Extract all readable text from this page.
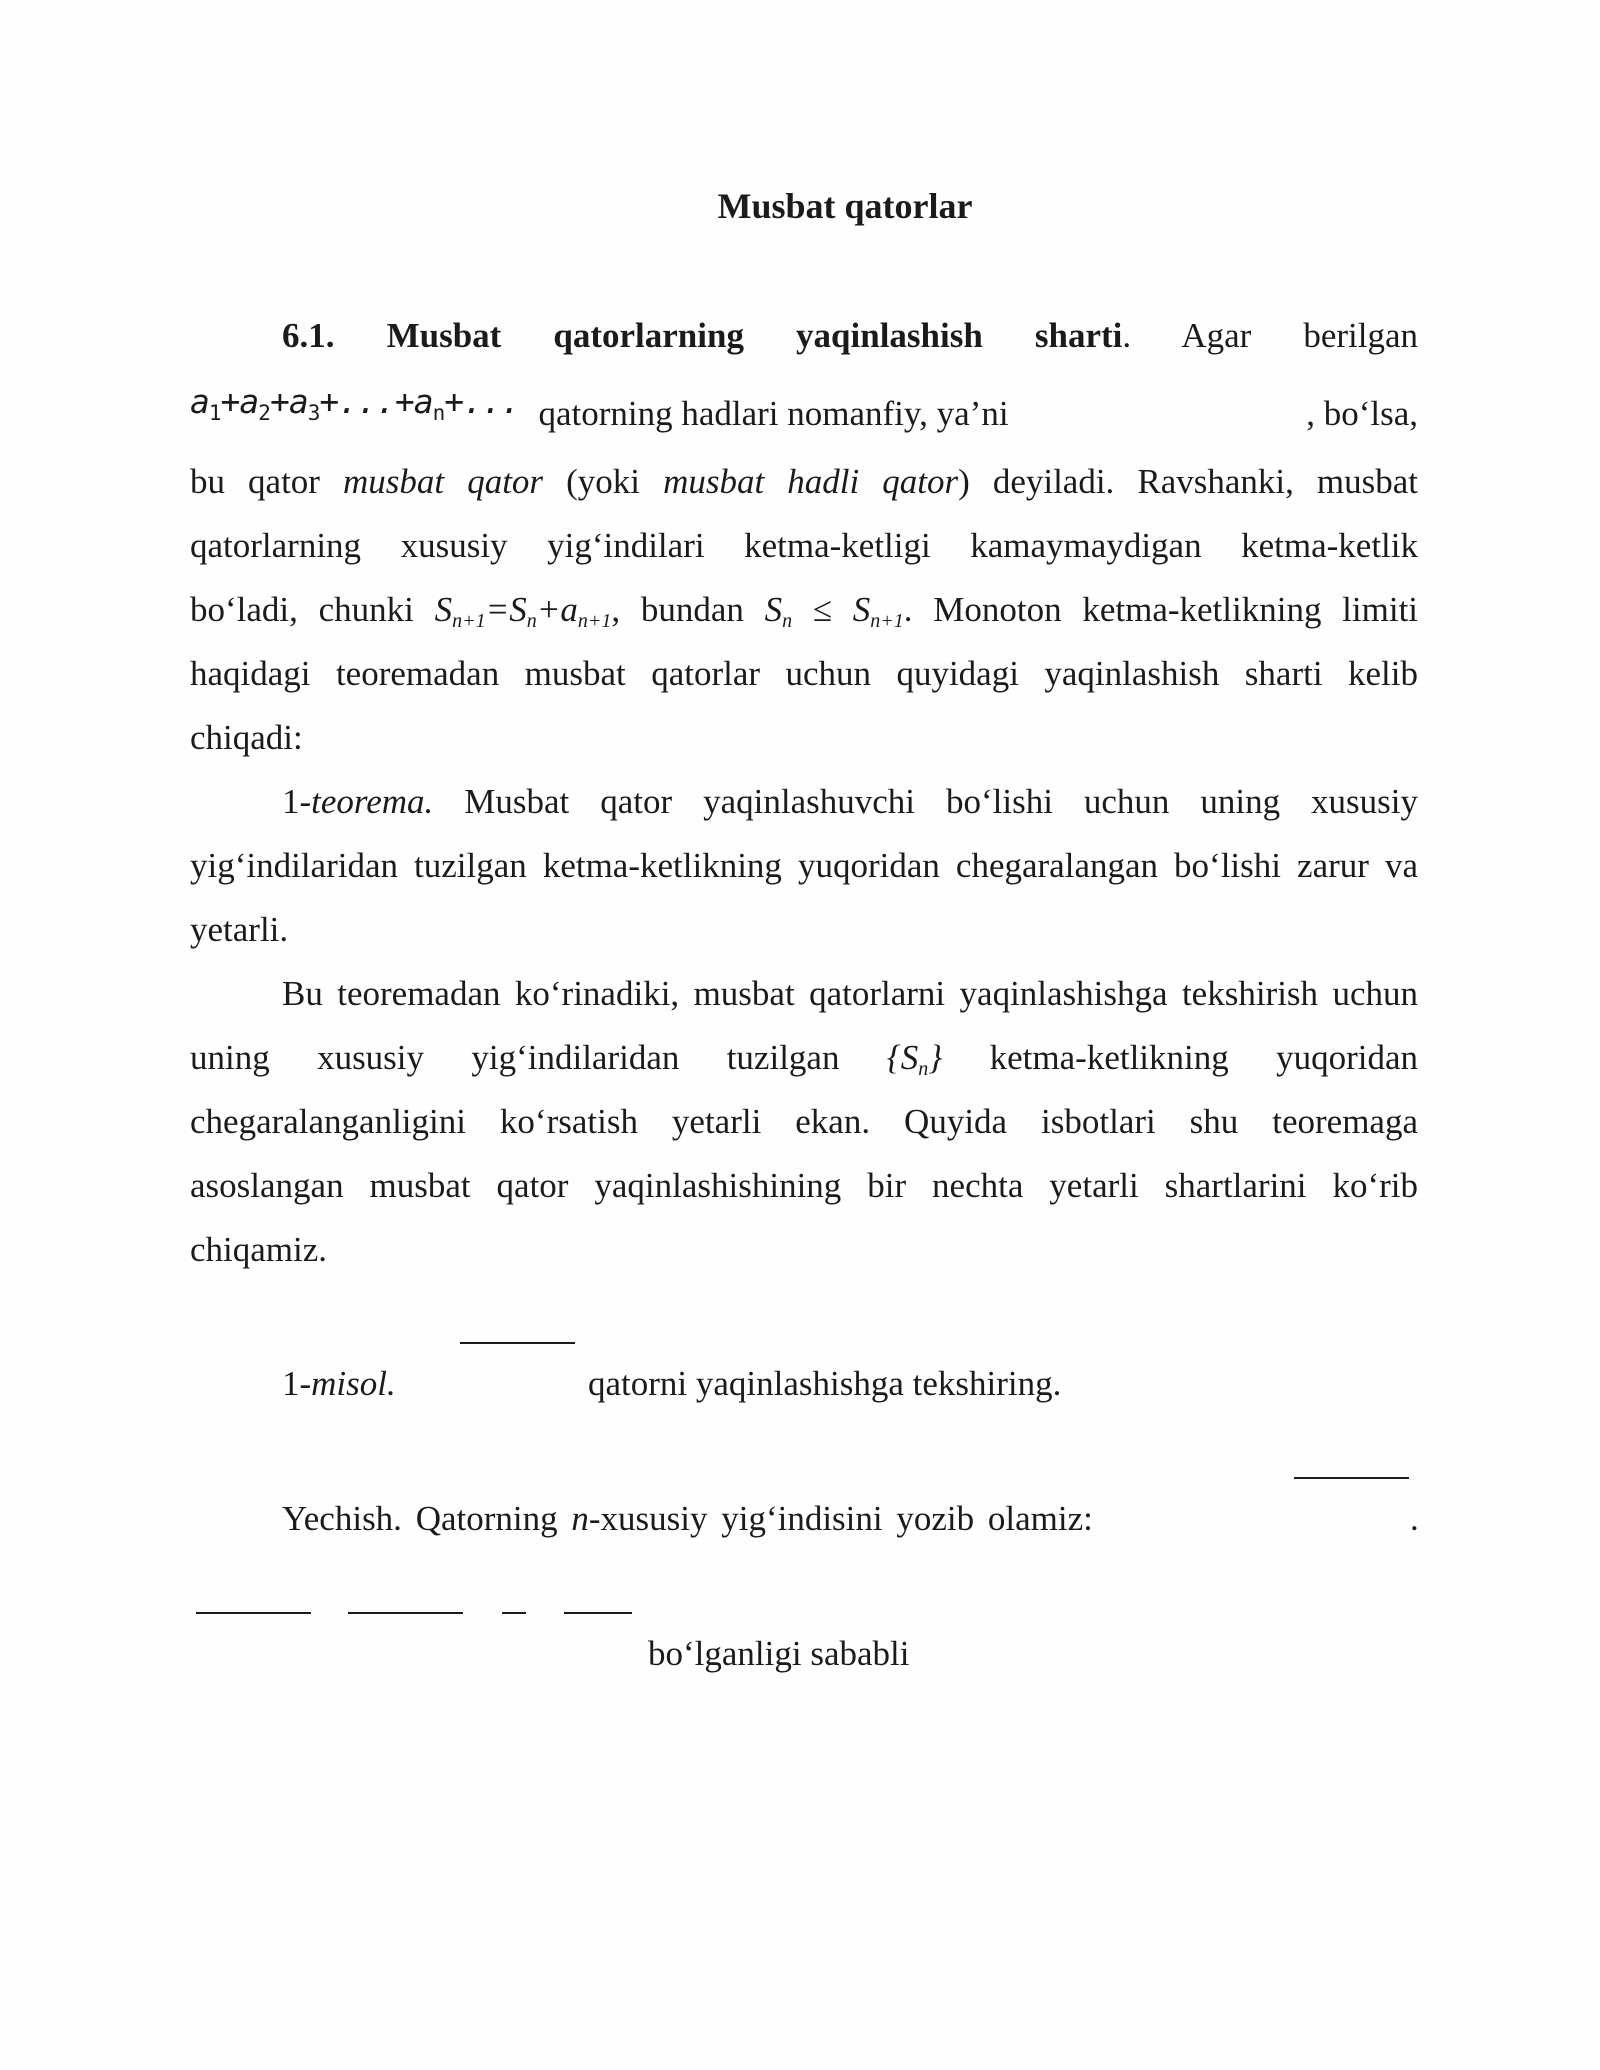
Musbat qatorlar
6.1. Musbat qatorlarning yaqinlashish sharti. Agar berilgan
$a_1+a_2+a_3+...+a_n+$... qatorning hadlari nomanfiy, ya’ni	, bo‘lsa,
bu qator musbat qator (yoki musbat hadli qator) deyiladi. Ravshanki, musbat
qatorlarning xususiy yig‘indilari ketma-ketligi kamaymaydigan ketma-ketlik
bo‘ladi, chunki Sn+1=Sn+an+1, bundan Sn ≤ Sn+1. Monoton ketma-ketlikning limiti
haqidagi teoremadan musbat qatorlar uchun quyidagi yaqinlashish sharti kelib
chiqadi:
1-teorema. Musbat qator yaqinlashuvchi bo‘lishi uchun uning xususiy
yig‘indilaridan tuzilgan ketma-ketlikning yuqoridan chegaralangan bo‘lishi zarur va
yetarli.
Bu teoremadan ko‘rinadiki, musbat qatorlarni yaqinlashishga tekshirish uchun
uning xususiy yig‘indilaridan tuzilgan {Sn} ketma-ketlikning yuqoridan
chegaralanganligini ko‘rsatish yetarli ekan. Quyida isbotlari shu teoremaga
asoslangan musbat qator yaqinlashishining bir nechta yetarli shartlarini ko‘rib
chiqamiz.
1-misol.	qatorni yaqinlashishga tekshiring.
Yechish. Qatorning n-xususiy yig‘indisini yozib olamiz:	.
bo‘lganligi sababli
